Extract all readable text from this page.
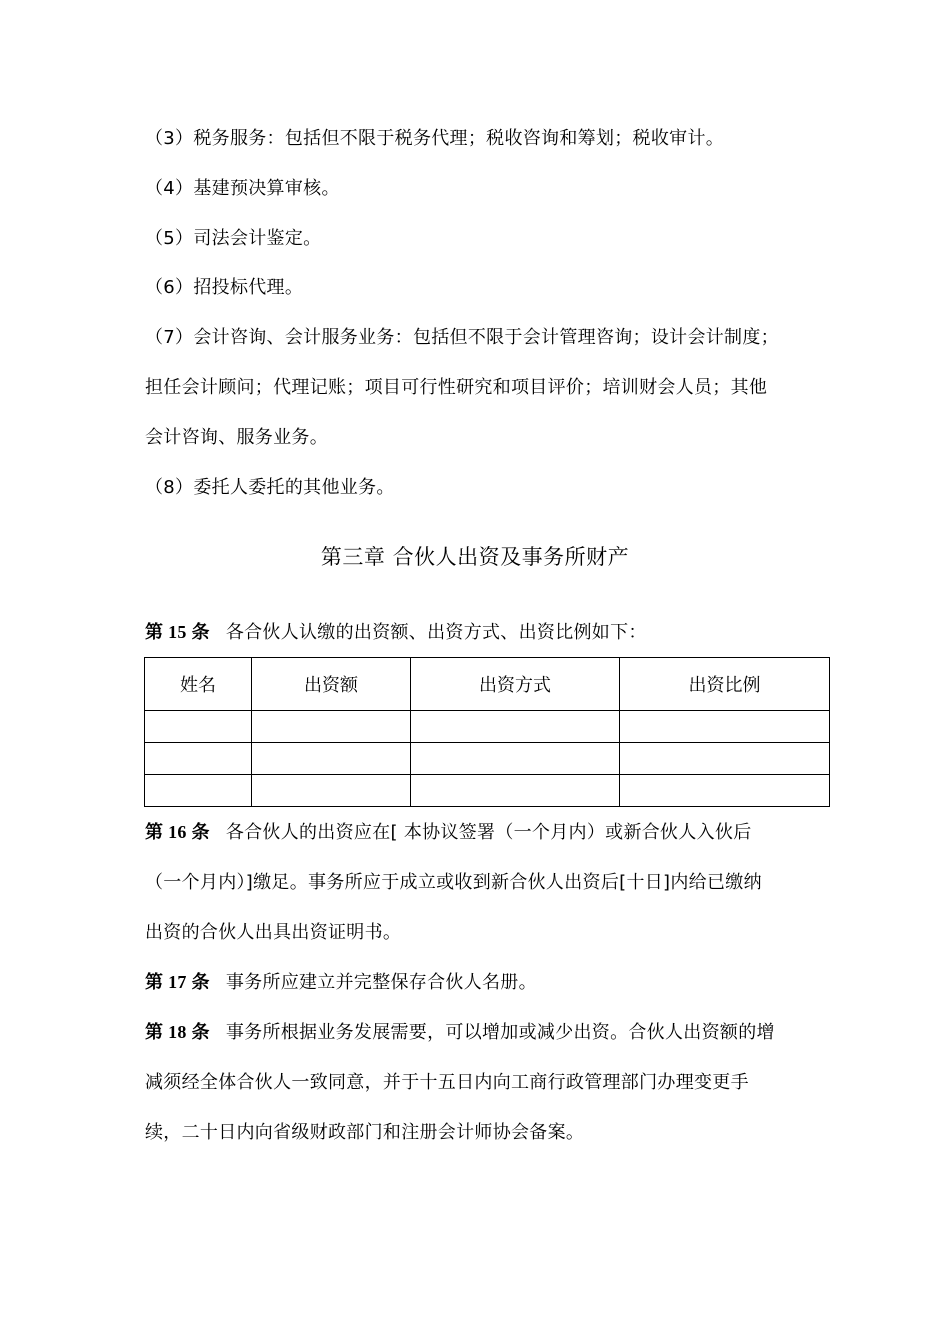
（3）税务服务：包括但不限于税务代理；税收咨询和筹划；税收审计。
（4）基建预决算审核。
（5）司法会计鉴定。
（6）招投标代理。
（7）会计咨询、会计服务业务：包括但不限于会计管理咨询；设计会计制度；
担任会计顾问；代理记账；项目可行性研究和项目评价；培训财会人员；其他
会计咨询、服务业务。
（8）委托人委托的其他业务。
第三章 合伙人出资及事务所财产
第 15 条 各合伙人认缴的出资额、出资方式、出资比例如下：
姓名	出资额	出资方式	出资比例

第 16 条 各合伙人的出资应在[ 本协议签署（一个月内）或新合伙人入伙后
（一个月内）]缴足。事务所应于成立或收到新合伙人出资后[十日]内给已缴纳
出资的合伙人出具出资证明书。
第 17 条 事务所应建立并完整保存合伙人名册。
第 18 条 事务所根据业务发展需要，可以增加或减少出资。合伙人出资额的增
减须经全体合伙人一致同意，并于十五日内向工商行政管理部门办理变更手
续，二十日内向省级财政部门和注册会计师协会备案。
